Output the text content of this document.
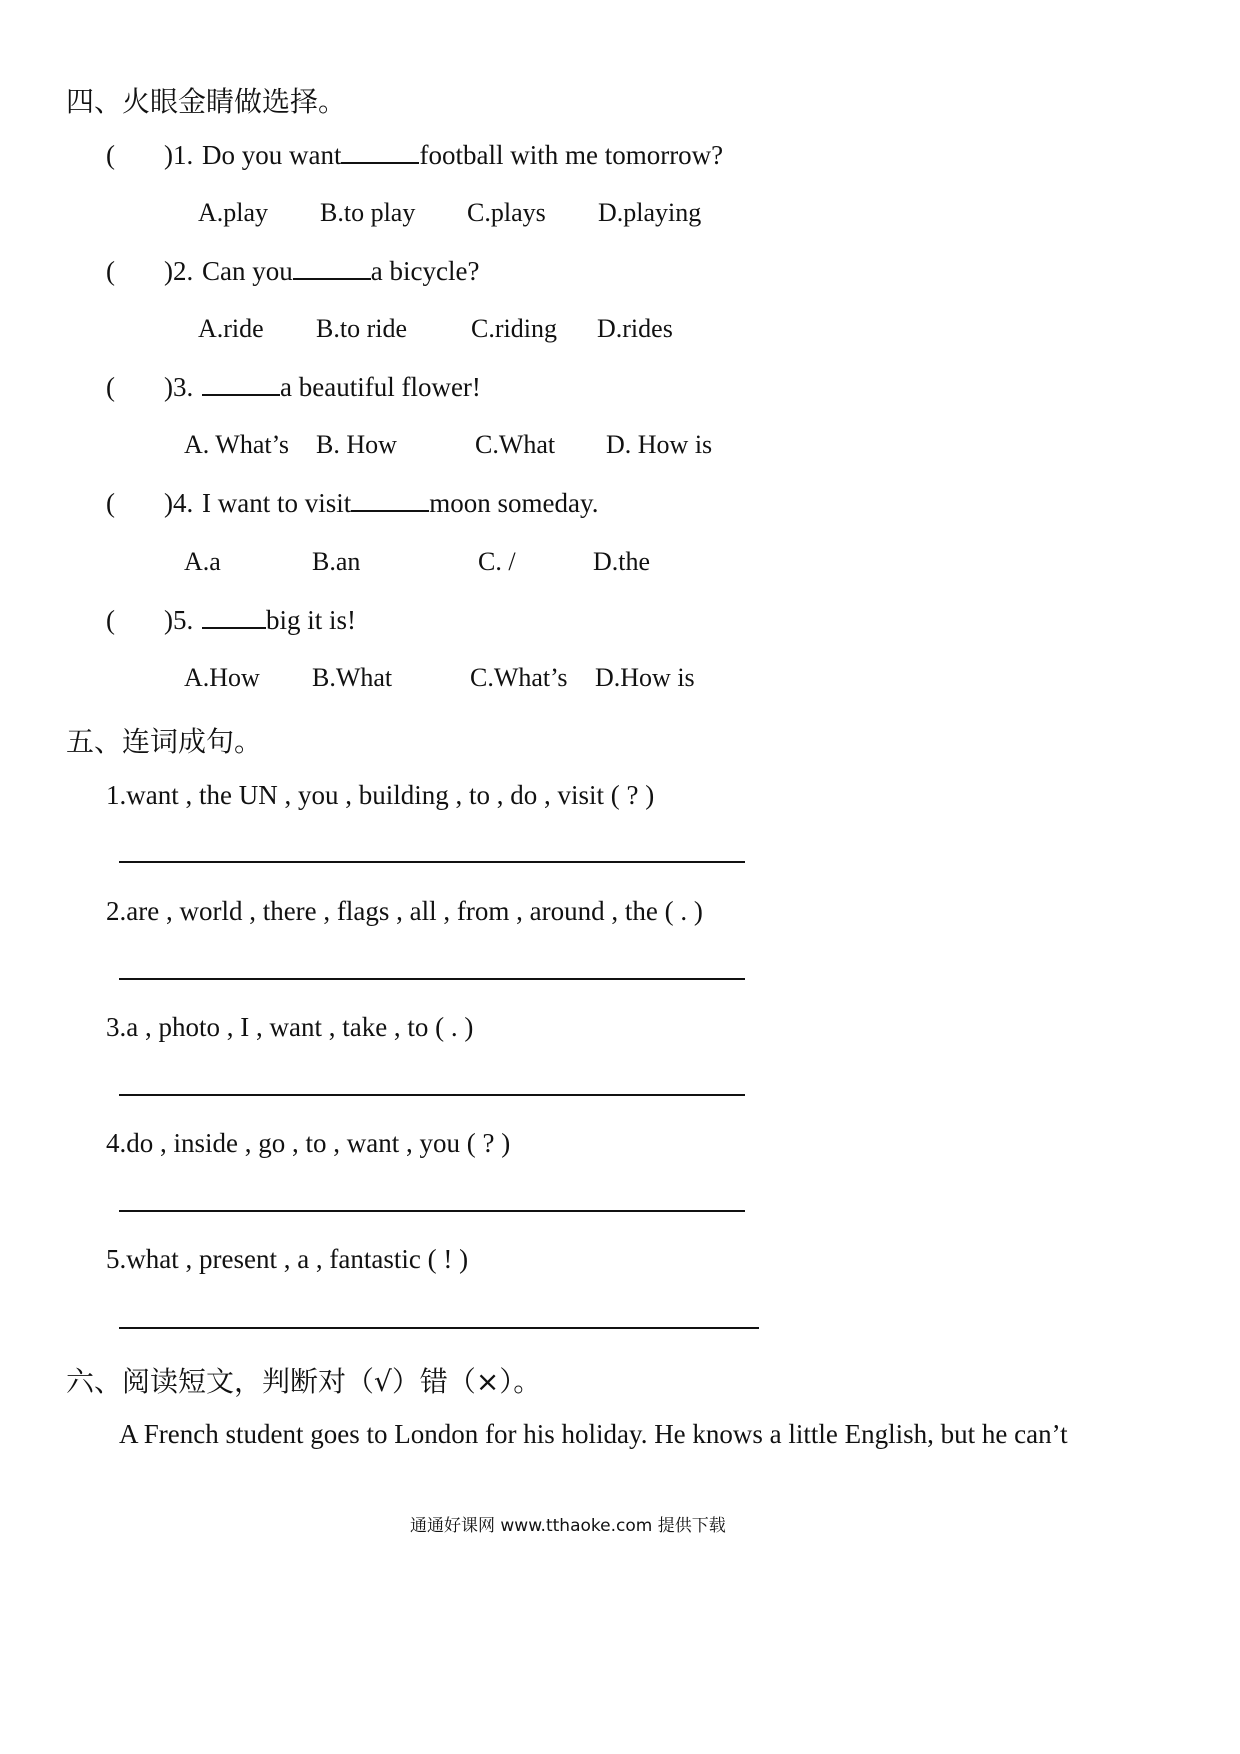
四、火眼金睛做选择。
( )1. Do you want	football with me tomorrow?
A.play B.to play C.plays D.playing
( )2. Can you	a bicycle?
A.ride B.to ride C.riding D.rides
( )3.	a beautiful flower!
A. What’s B. How	C.What D. How is
( )4. I want to visit	moon someday.
A.a	B.an	C. /	D.the
( )5.	big it is!
A.How B.What	C.What’s D.How is
五、连词成句。
1.want , the UN , you , building , to , do , visit ( ? )
2.are , world , there , flags , all , from , around , the ( . )
3.a , photo , I , want , take , to ( . )
4.do , inside , go , to , want , you ( ? )
5.what , present , a , fantastic ( ! )
六、阅读短文，判断对（√）错（×）。
A French student goes to London for his holiday. He knows a little English, but he can’t
通通好课网 www.tthaoke.com 提供下载
